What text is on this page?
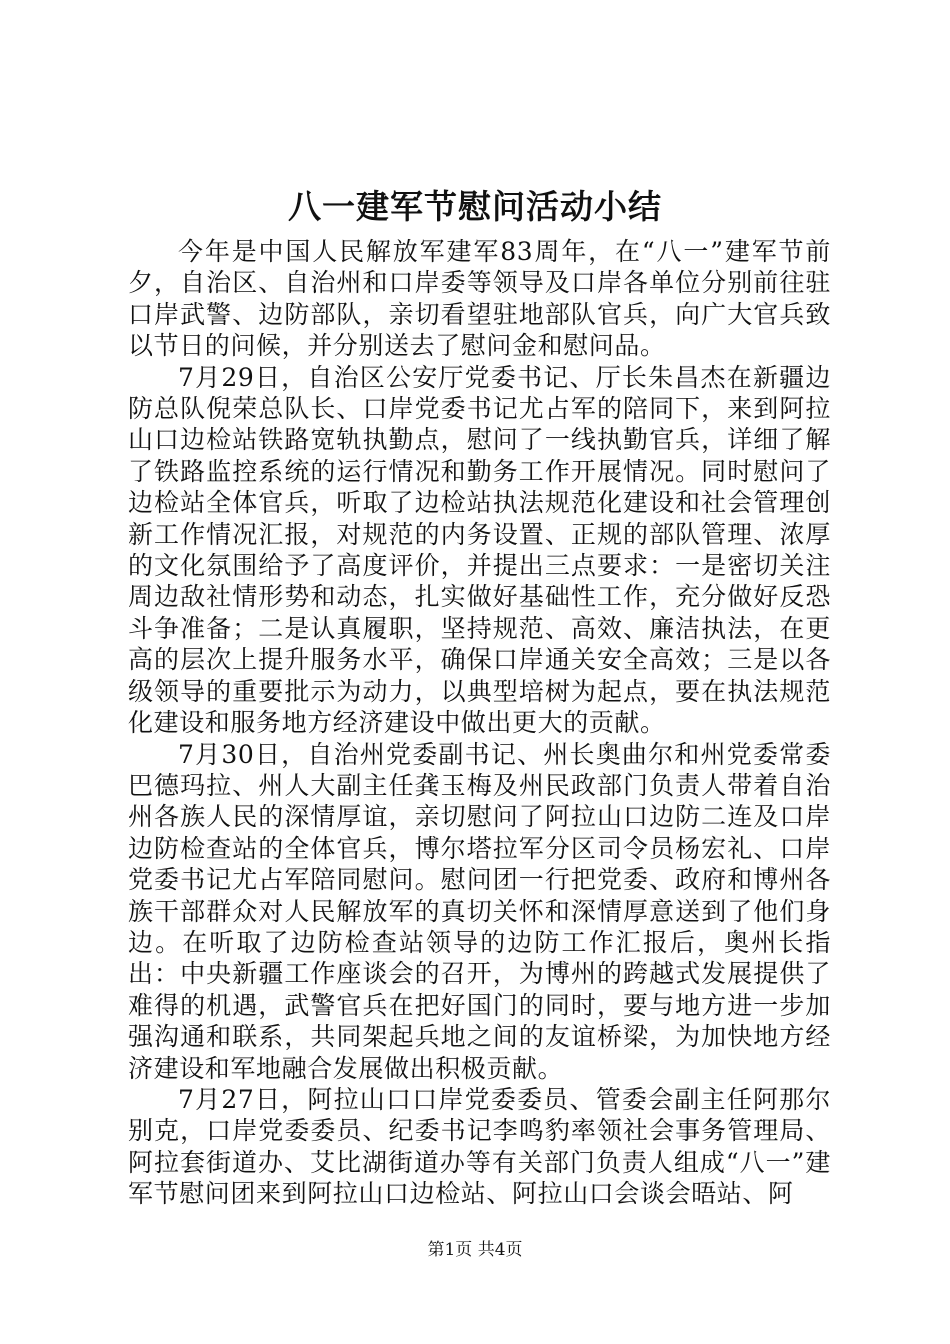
八一建军节慰问活动小结

今年是中国人民解放军建军83周年，在“八一”建军节前夕，自治区、自治州和口岸委等领导及口岸各单位分别前往驻口岸武警、边防部队，亲切看望驻地部队官兵，向广大官兵致以节日的问候，并分别送去了慰问金和慰问品。

7月29日，自治区公安厅党委书记、厅长朱昌杰在新疆边防总队倪荣总队长、口岸党委书记尤占军的陪同下，来到阿拉山口边检站铁路宽轨执勤点，慰问了一线执勤官兵，详细了解了铁路监控系统的运行情况和勤务工作开展情况。同时慰问了边检站全体官兵，听取了边检站执法规范化建设和社会管理创新工作情况汇报，对规范的内务设置、正规的部队管理、浓厚的文化氛围给予了高度评价，并提出三点要求：一是密切关注周边敌社情形势和动态，扎实做好基础性工作，充分做好反恐斗争准备；二是认真履职，坚持规范、高效、廉洁执法，在更高的层次上提升服务水平，确保口岸通关安全高效；三是以各级领导的重要批示为动力，以典型培树为起点，要在执法规范化建设和服务地方经济建设中做出更大的贡献。

7月30日，自治州党委副书记、州长奥曲尔和州党委常委巴德玛拉、州人大副主任龚玉梅及州民政部门负责人带着自治州各族人民的深情厚谊，亲切慰问了阿拉山口边防二连及口岸边防检查站的全体官兵，博尔塔拉军分区司令员杨宏礼、口岸党委书记尤占军陪同慰问。慰问团一行把党委、政府和博州各族干部群众对人民解放军的真切关怀和深情厚意送到了他们身边。在听取了边防检查站领导的边防工作汇报后，奥州长指出：中央新疆工作座谈会的召开，为博州的跨越式发展提供了难得的机遇，武警官兵在把好国门的同时，要与地方进一步加强沟通和联系，共同架起兵地之间的友谊桥梁，为加快地方经济建设和军地融合发展做出积极贡献。

7月27日，阿拉山口口岸党委委员、管委会副主任阿那尔别克，口岸党委委员、纪委书记李鸣豹率领社会事务管理局、阿拉套街道办、艾比湖街道办等有关部门负责人组成“八一”建军节慰问团来到阿拉山口边检站、阿拉山口会谈会晤站、阿

第1页 共4页
